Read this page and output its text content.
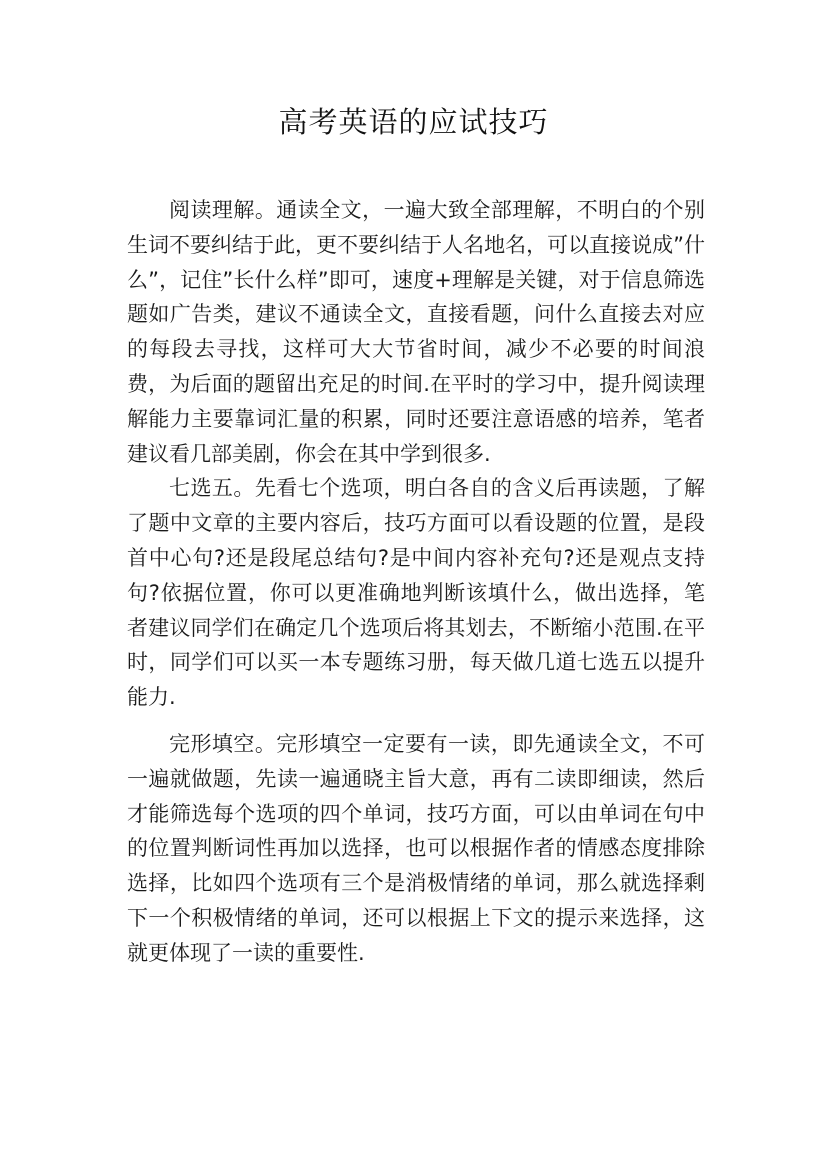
高考英语的应试技巧

阅读理解。通读全文，一遍大致全部理解，不明白的个别生词不要纠结于此，更不要纠结于人名地名，可以直接说成”什么”，记住”长什么样”即可，速度+理解是关键，对于信息筛选题如广告类，建议不通读全文，直接看题，问什么直接去对应的每段去寻找，这样可大大节省时间，减少不必要的时间浪费，为后面的题留出充足的时间.在平时的学习中，提升阅读理解能力主要靠词汇量的积累，同时还要注意语感的培养，笔者建议看几部美剧，你会在其中学到很多.

七选五。先看七个选项，明白各自的含义后再读题，了解了题中文章的主要内容后，技巧方面可以看设题的位置，是段首中心句?还是段尾总结句?是中间内容补充句?还是观点支持句?依据位置，你可以更准确地判断该填什么，做出选择，笔者建议同学们在确定几个选项后将其划去，不断缩小范围.在平时，同学们可以买一本专题练习册，每天做几道七选五以提升能力.

完形填空。完形填空一定要有一读，即先通读全文，不可一遍就做题，先读一遍通晓主旨大意，再有二读即细读，然后才能筛选每个选项的四个单词，技巧方面，可以由单词在句中的位置判断词性再加以选择，也可以根据作者的情感态度排除选择，比如四个选项有三个是消极情绪的单词，那么就选择剩下一个积极情绪的单词，还可以根据上下文的提示来选择，这就更体现了一读的重要性.
